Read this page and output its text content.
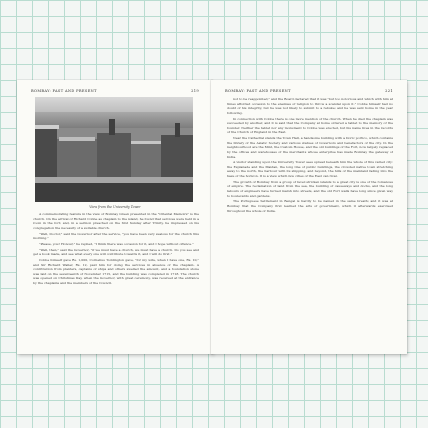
BOMBAY: PAST AND PRESENT	219
View from the University Tower

A commemorating feature in the view of Bombay Green presented in the "Oriental Memoirs" is the church. On the arrival of Richard Cobbe as chaplain to the island, he found that services were held in a room in the fort; and, in a sermon preached on the first Sunday after Trinity, he impressed on his congregation the necessity of a suitable church.

"Well, Doctor," said the Governor after the service, "you have been very zealous for the church this morning."

"Please, your Honour," he replied, "I think there was occasion for it, and I hope without offence."

"Well, then," said the Governor, "if we must have a church, we must have a church. Do you see and get a book made, and see what every one will contribute towards it, and I will do first."

Cobbe himself gave Rs. 1,000, Cornelius Toddington gave, "for my wife, when I have one, Rs. 10," and Sir Richard Waller, Rs. 12, paid him for doing the services in absence of the chaplain. A contribution from planters, captains of ships and others swelled the amount, and a foundation stone was laid on the seventeenth of November 1715, and the building was completed in 1718. The church was opened on Christmas Day, when the Governor, with great ceremony, was received at the entrance by the chaplains and the members of the Council.

BOMBAY: PAST AND PRESENT	221

not to be reappointed," and the Board declared that it was "but too notorious and which with him at times afforded occasion to the enemies of religion to throw a scandal upon it." Cobbe himself had no doubt of his integrity, but he was not likely to submit to a rebuke; and he was sent home in the year following.

In connection with Cobbe there is one more mention of the church. When he died the chaplain was succeeded by another, and it is said that the Company at home ordered a tablet to the memory of the founder. Neither the tablet nor any monument to Cobbe was erected, but his name lives in the records of the Church of England in the East.

Near the Cathedral stands the Town Hall, a handsome building with a Doric portico, which contains the library of the Asiatic Society and various statues of Governors and benefactors of the city. In the neighbourhood are the Mint, the Custom House, and the old buildings of the Fort, now largely replaced by the offices and warehouses of the merchants whose enterprise has made Bombay the gateway of India.

A visitor standing upon the University Tower sees spread beneath him the whole of this varied city: the Esplanade and the Maidan, the long line of public buildings, the crowded native town stretching away to the north, the harbour with its shipping, and beyond, the hills of the mainland fading into the haze of the horizon. It is a view which few cities of the East can rival.

The growth of Bombay from a group of fever-stricken islands to a great city is one of the romances of empire. The reclamation of land from the sea, the building of causeways and docks, and the long labours of engineers have turned marsh into streets, and the old Fort walls have long since given way to boulevards and gardens.

The Portuguese Settlement in Bengal is hardly to be named in the same breath; and it was at Bombay that the Company first learned the arts of government, which it afterwards exercised throughout the whole of India.
